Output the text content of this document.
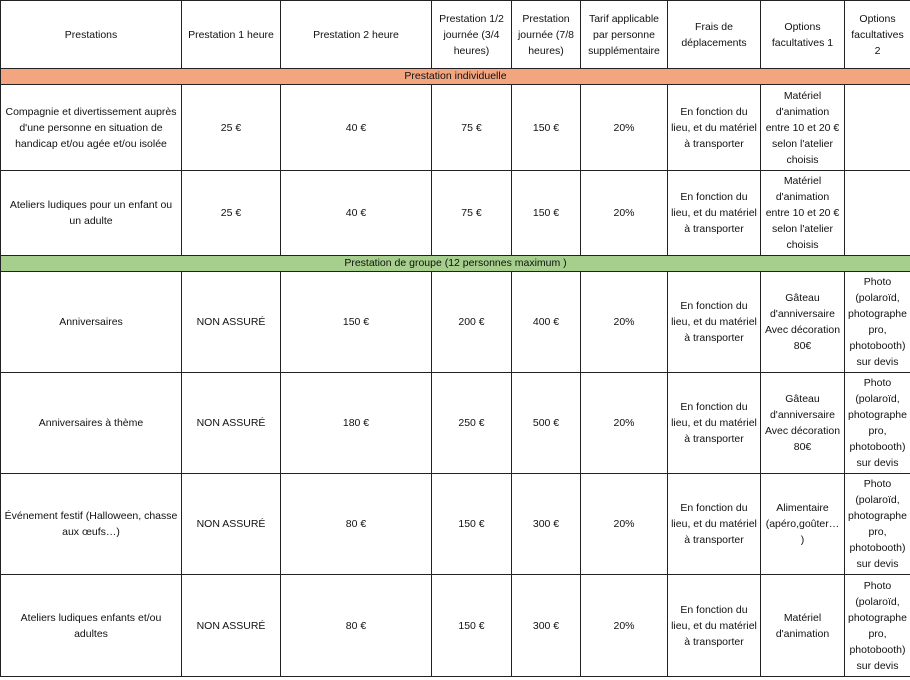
Prestations	Prestation 1 heure	Prestation 2 heure	Prestation 1/2 journée (3/4 heures)	Prestation journée (7/8 heures)	Tarif applicable par personne supplémentaire	Frais de déplacements	Options facultatives 1	Options facultatives 2
Prestation individuelle								
Compagnie et divertissement auprès d'une personne en situation de handicap et/ou agée et/ou isolée	25 €	40 €	75 €	150 €	20%	En fonction du lieu, et du matériel à transporter	Matériel d'animation entre 10 et 20 € selon l'atelier choisis	
Ateliers ludiques pour un enfant ou un adulte	25 €	40 €	75 €	150 €	20%	En fonction du lieu, et du matériel à transporter	Matériel d'animation entre 10 et 20 € selon l'atelier choisis	
Prestation de groupe (12 personnes maximum )								
Anniversaires	NON ASSURÉ	150 €	200 €	400 €	20%	En fonction du lieu, et du matériel à transporter	Gâteau d'anniversaire Avec décoration 80€	Photo (polaroïd, photographe pro, photobooth) sur devis
Anniversaires à thème	NON ASSURÉ	180 €	250 €	500 €	20%	En fonction du lieu, et du matériel à transporter	Gâteau d'anniversaire Avec décoration 80€	Photo (polaroïd, photographe pro, photobooth) sur devis
Événement festif (Halloween, chasse aux œufs…)	NON ASSURÉ	80 €	150 €	300 €	20%	En fonction du lieu, et du matériel à transporter	Alimentaire (apéro,goûter… )	Photo (polaroïd, photographe pro, photobooth) sur devis
Ateliers ludiques enfants et/ou adultes	NON ASSURÉ	80 €	150 €	300 €	20%	En fonction du lieu, et du matériel à transporter	Matériel d'animation	Photo (polaroïd, photographe pro, photobooth) sur devis
